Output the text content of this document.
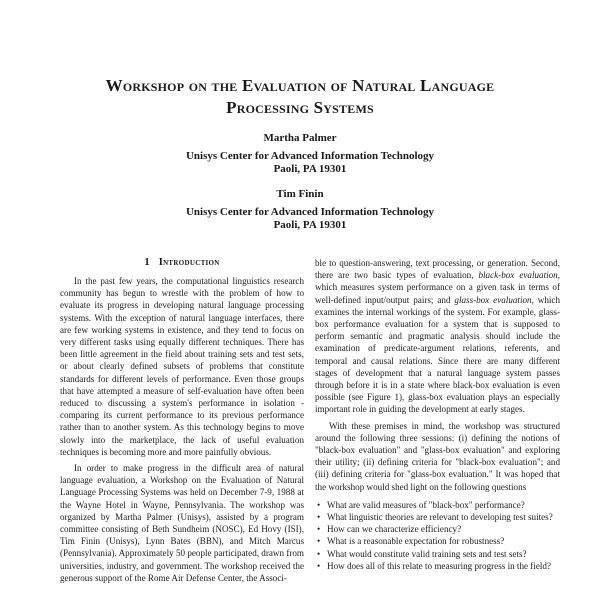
Workshop on the Evaluation of Natural Language
Processing Systems
Martha Palmer
Unisys Center for Advanced Information Technology
Paoli, PA 19301
Tim Finin
Unisys Center for Advanced Information Technology
Paoli, PA 19301
1 Introduction

In the past few years, the computational linguistics research community has begun to wrestle with the problem of how to evaluate its progress in developing natural language processing systems. With the exception of natural language interfaces, there are few working systems in existence, and they tend to focus on very different tasks using equally different techniques. There has been little agreement in the field about training sets and test sets, or about clearly defined subsets of problems that constitute standards for different levels of performance. Even those groups that have attempted a measure of self-evaluation have often been reduced to discussing a system's performance in isolation - comparing its current performance to its previous performance rather than to another system. As this technology begins to move slowly into the marketplace, the lack of useful evaluation techniques is becoming more and more painfully obvious.

In order to make progress in the difficult area of natural language evaluation, a Workshop on the Evaluation of Natural Language Processing Systems was held on December 7-9, 1988 at the Wayne Hotel in Wayne, Pennsylvania. The workshop was organized by Martha Palmer (Unisys), assisted by a program committee consisting of Beth Sundheim (NOSC), Ed Hovy (ISI), Tim Finin (Unisys), Lynn Bates (BBN), and Mitch Marcus (Pennsylvania). Approximately 50 people participated, drawn from universities, industry, and government. The workshop received the generous support of the Rome Air Defense Center, the Associ-

ble to question-answering, text processing, or generation. Second, there are two basic types of evaluation, black-box evaluation, which measures system performance on a given task in terms of well-defined input/output pairs; and glass-box evaluation, which examines the internal workings of the system. For example, glass-box performance evaluation for a system that is supposed to perform semantic and pragmatic analysis should include the examination of predicate-argument relations, referents, and temporal and causal relations. Since there are many different stages of development that a natural language system passes through before it is in a state where black-box evaluation is even possible (see Figure 1), glass-box evaluation plays an especially important role in guiding the development at early stages.

With these premises in mind, the workshop was structured around the following three sessions: (i) defining the notions of "black-box evaluation" and "glass-box evaluation" and exploring their utility; (ii) defining criteria for "black-box evaluation"; and (iii) defining criteria for "glass-box evaluation." It was hoped that the workshop would shed light on the following questions

• What are valid measures of "black-box" performance?
• What linguistic theories are relevant to developing test suites?
• How can we characterize efficiency?
• What is a reasonable expectation for robustness?
• What would constitute valid training sets and test sets?
• How does all of this relate to measuring progress in the field?
